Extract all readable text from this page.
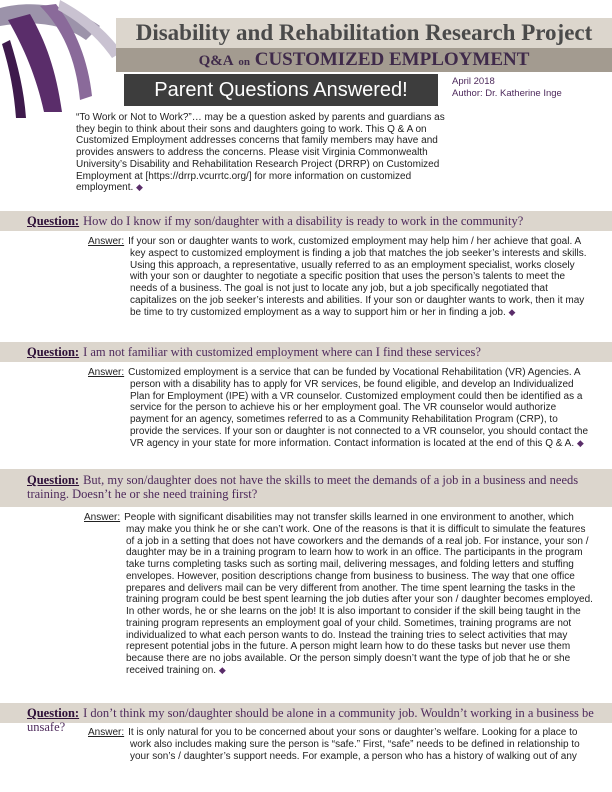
Disability and Rehabilitation Research Project
Q&A on CUSTOMIZED EMPLOYMENT
Parent Questions Answered!	April 2018
Author: Dr. Katherine Inge
“To Work or Not to Work?”… may be a question asked by parents and guardians as they begin to think about their sons and daughters going to work. This Q & A on Customized Employment addresses concerns that family members may have and provides answers to address the concerns. Please visit Virginia Commonwealth University’s Disability and Rehabilitation Research Project (DRRP) on Customized Employment at [https://drrp.vcurrtc.org/] for more information on customized employment. ◆
Question: How do I know if my son/daughter with a disability is ready to work in the community?
Answer: If your son or daughter wants to work, customized employment may help him / her achieve that goal. A
key aspect to customized employment is finding a job that matches the job seeker’s interests and skills. Using this approach, a representative, usually referred to as an employment specialist, works closely with your son or daughter to negotiate a specific position that uses the person’s talents to meet the needs of a business. The goal is not just to locate any job, but a job specifically negotiated that capitalizes on the job seeker’s interests and abilities. If your son or daughter wants to work, then it may be time to try customized employment as a way to support him or her in finding a job. ◆
Question: I am not familiar with customized employment where can I find these services?
Answer: Customized employment is a service that can be funded by Vocational Rehabilitation (VR) Agencies. A
person with a disability has to apply for VR services, be found eligible, and develop an Individualized Plan for Employment (IPE) with a VR counselor. Customized employment could then be identified as a service for the person to achieve his or her employment goal. The VR counselor would authorize payment for an agency, sometimes referred to as a Community Rehabilitation Program (CRP), to provide the services. If your son or daughter is not connected to a VR counselor, you should contact the VR agency in your state for more information. Contact information is located at the end of this Q & A. ◆
Question: But, my son/daughter does not have the skills to meet the demands of a job in a business and needs training. Doesn’t he or she need training first?
Answer: People with significant disabilities may not transfer skills learned in one environment to another, which
may make you think he or she can’t work. One of the reasons is that it is difficult to simulate the features of a job in a setting that does not have coworkers and the demands of a real job. For instance, your son / daughter may be in a training program to learn how to work in an office. The participants in the program take turns completing tasks such as sorting mail, delivering messages, and folding letters and stuffing envelopes. However, position descriptions change from business to business. The way that one office prepares and delivers mail can be very different from another. The time spent learning the tasks in the training program could be best spent learning the job duties after your son / daughter becomes employed. In other words, he or she learns on the job! It is also important to consider if the skill being taught in the training program represents an employment goal of your child. Sometimes, training programs are not individualized to what each person wants to do. Instead the training tries to select activities that may represent potential jobs in the future. A person might learn how to do these tasks but never use them because there are no jobs available. Or the person simply doesn’t want the type of job that he or she received training on. ◆
Question: I don’t think my son/daughter should be alone in a community job. Wouldn’t working in a business be unsafe?	Answer: It is only natural for you to be concerned about your sons or daughter’s welfare. Looking for a place to
work also includes making sure the person is “safe.” First, “safe” needs to be defined in relationship to your son’s / daughter’s support needs. For example, a person who has a history of walking out of any
